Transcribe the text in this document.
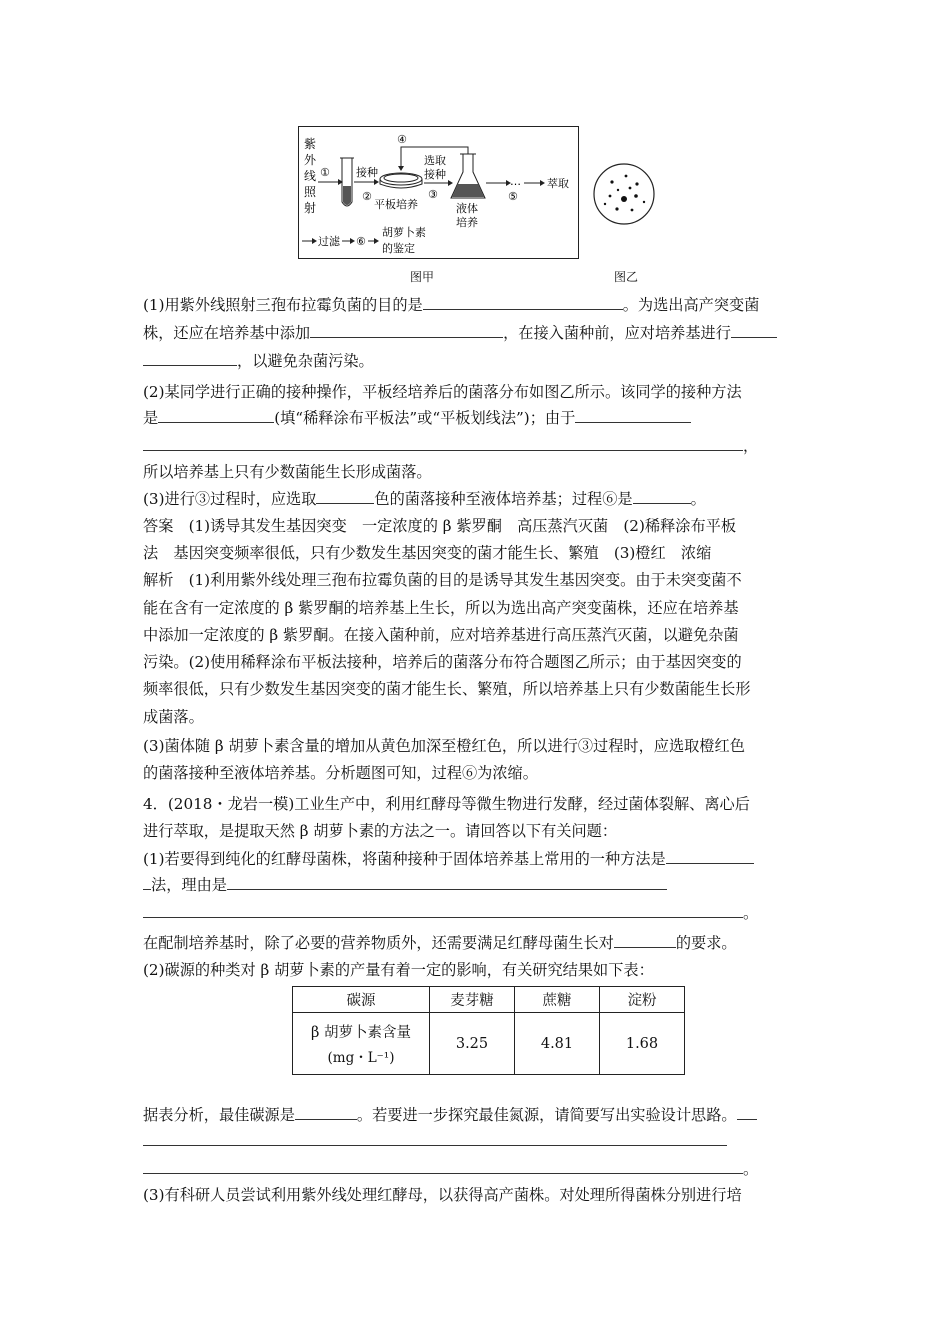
紫
外
线
照
射
① 接种
②
平板培养
④
选取
接种
③
液体
培养
…
⑤
萃取
过滤 ⑥
胡萝卜素
的鉴定
图甲	图乙
(1)用紫外线照射三孢布拉霉负菌的目的是	。为选出高产突变菌
株，还应在培养基中添加	，在接入菌种前，应对培养基进行
，以避免杂菌污染。
(2)某同学进行正确的接种操作，平板经培养后的菌落分布如图乙所示。该同学的接种方法
是	(填“稀释涂布平板法”或“平板划线法”)；由于
，
所以培养基上只有少数菌能生长形成菌落。
(3)进行③过程时，应选取	色的菌落接种至液体培养基；过程⑥是	。
答案　(1)诱导其发生基因突变　一定浓度的 β 紫罗酮　高压蒸汽灭菌　(2)稀释涂布平板
法　基因突变频率很低，只有少数发生基因突变的菌才能生长、繁殖　(3)橙红　浓缩
解析　(1)利用紫外线处理三孢布拉霉负菌的目的是诱导其发生基因突变。由于未突变菌不
能在含有一定浓度的 β 紫罗酮的培养基上生长，所以为选出高产突变菌株，还应在培养基
中添加一定浓度的 β 紫罗酮。在接入菌种前，应对培养基进行高压蒸汽灭菌，以避免杂菌
污染。(2)使用稀释涂布平板法接种，培养后的菌落分布符合题图乙所示；由于基因突变的
频率很低，只有少数发生基因突变的菌才能生长、繁殖，所以培养基上只有少数菌能生长形
成菌落。
(3)菌体随 β 胡萝卜素含量的增加从黄色加深至橙红色，所以进行③过程时，应选取橙红色
的菌落接种至液体培养基。分析题图可知，过程⑥为浓缩。
4．(2018・龙岩一模)工业生产中，利用红酵母等微生物进行发酵，经过菌体裂解、离心后
进行萃取，是提取天然 β 胡萝卜素的方法之一。请回答以下有关问题：
(1)若要得到纯化的红酵母菌株，将菌种接种于固体培养基上常用的一种方法是
法，理由是
。
在配制培养基时，除了必要的营养物质外，还需要满足红酵母菌生长对	的要求。
(2)碳源的种类对 β 胡萝卜素的产量有着一定的影响，有关研究结果如下表：
碳源	麦芽糖	蔗糖	淀粉

β 胡萝卜素含量
(mg・L⁻¹)	3.25	4.81	1.68
据表分析，最佳碳源是	。若要进一步探究最佳氮源，请简要写出实验设计思路。
。
(3)有科研人员尝试利用紫外线处理红酵母，以获得高产菌株。对处理所得菌株分别进行培
